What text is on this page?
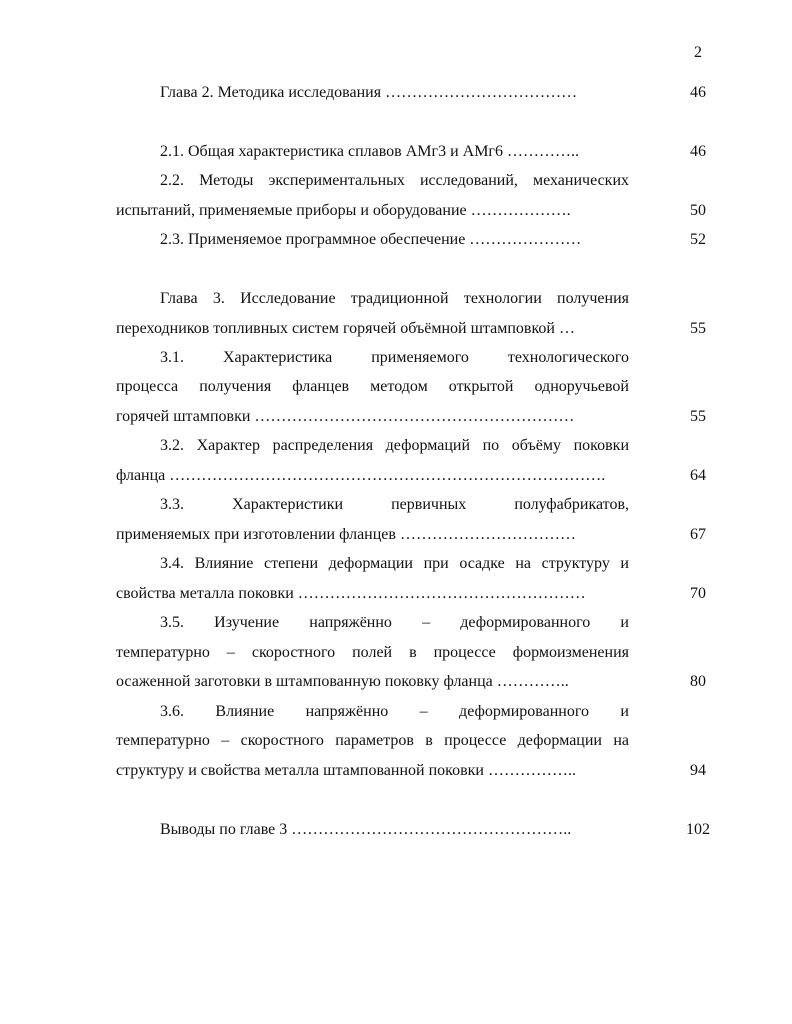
2
Глава 2. Методика исследования ………………………………	46
2.1. Общая характеристика сплавов АМг3 и АМг6 …………..	46
2.2. Методы экспериментальных исследований, механических
испытаний, применяемые приборы и оборудование ……………….	50
2.3. Применяемое программное обеспечение …………………	52
Глава 3. Исследование традиционной технологии получения
переходников топливных систем горячей объёмной штамповкой …	55
3.1. Характеристика применяемого технологического
процесса получения фланцев методом открытой одноручьевой
горячей штамповки ……………………………………………………	55
3.2. Характер распределения деформаций по объёму поковки
фланца ……………………………………………………………………….	64
3.3. Характеристики первичных полуфабрикатов,
применяемых при изготовлении фланцев ……………………………	67
3.4. Влияние степени деформации при осадке на структуру и
свойства металла поковки ………………………………………………	70
3.5. Изучение напряжённо – деформированного и
температурно – скоростного полей в процессе формоизменения
осаженной заготовки в штампованную поковку фланца …………..	80
3.6. Влияние напряжённо – деформированного и
температурно – скоростного параметров в процессе деформации на
структуру и свойства металла штампованной поковки ……………..	94
Выводы по главе 3 ……………………………………………..	102
